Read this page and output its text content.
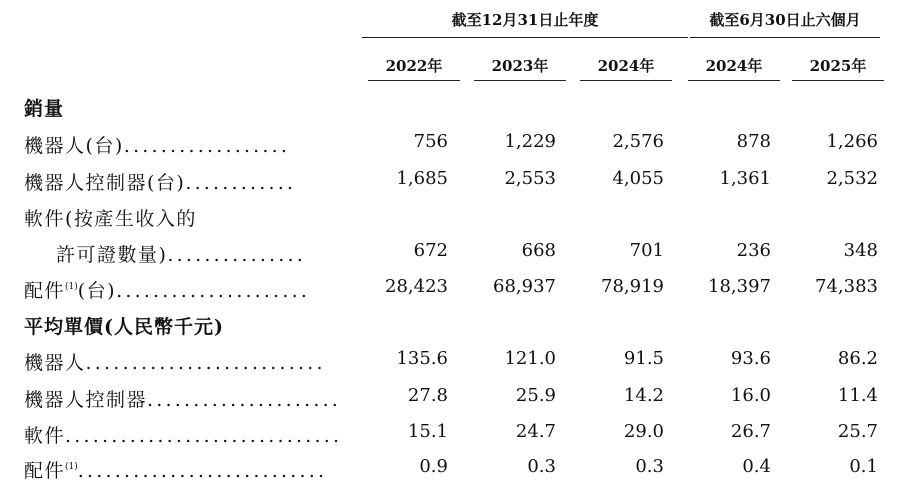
截至12月31日止年度	截至6月30日止六個月
2022年	2023年	2024年	2024年	2025年
銷量
機器人(台)..................	756	1,229	2,576	878	1,266
機器人控制器(台)............	1,685	2,553	4,055	1,361	2,532
軟件(按產生收入的
許可證數量)...............	672	668	701	236	348
配件$^{(1)}$(台).....................	28,423	68,937	78,919	18,397	74,383
平均單價(人民幣千元)
機器人..........................	135.6	121.0	91.5	93.6	86.2
機器人控制器.....................	27.8	25.9	14.2	16.0	11.4
軟件..............................	15.1	24.7	29.0	26.7	25.7
配件$^{(1)}$...........................	0.9	0.3	0.3	0.4	0.1
